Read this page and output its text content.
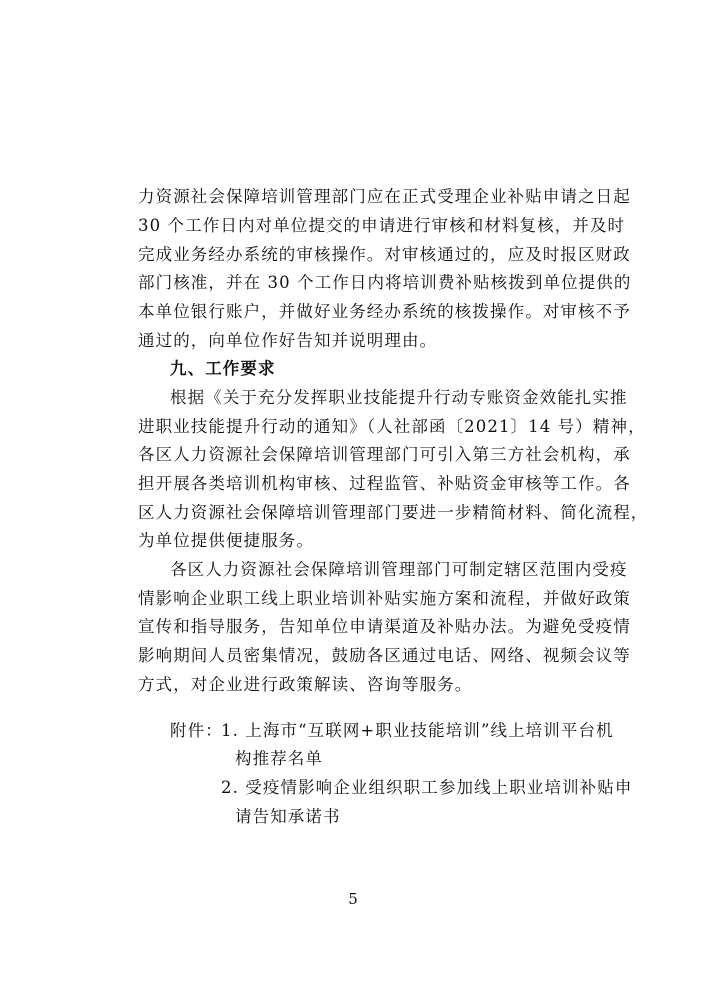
力资源社会保障培训管理部门应在正式受理企业补贴申请之日起
30 个工作日内对单位提交的申请进行审核和材料复核，并及时
完成业务经办系统的审核操作。对审核通过的，应及时报区财政
部门核准，并在 30 个工作日内将培训费补贴核拨到单位提供的
本单位银行账户，并做好业务经办系统的核拨操作。对审核不予
通过的，向单位作好告知并说明理由。
九、工作要求
根据《关于充分发挥职业技能提升行动专账资金效能扎实推
进职业技能提升行动的通知》（人社部函〔2021〕14 号）精神，
各区人力资源社会保障培训管理部门可引入第三方社会机构，承
担开展各类培训机构审核、过程监管、补贴资金审核等工作。各
区人力资源社会保障培训管理部门要进一步精简材料、简化流程，
为单位提供便捷服务。
各区人力资源社会保障培训管理部门可制定辖区范围内受疫
情影响企业职工线上职业培训补贴实施方案和流程，并做好政策
宣传和指导服务，告知单位申请渠道及补贴办法。为避免受疫情
影响期间人员密集情况，鼓励各区通过电话、网络、视频会议等
方式，对企业进行政策解读、咨询等服务。
附件：
1. 上海市“互联网+职业技能培训”线上培训平台机
构推荐名单
2. 受疫情影响企业组织职工参加线上职业培训补贴申
请告知承诺书
5
